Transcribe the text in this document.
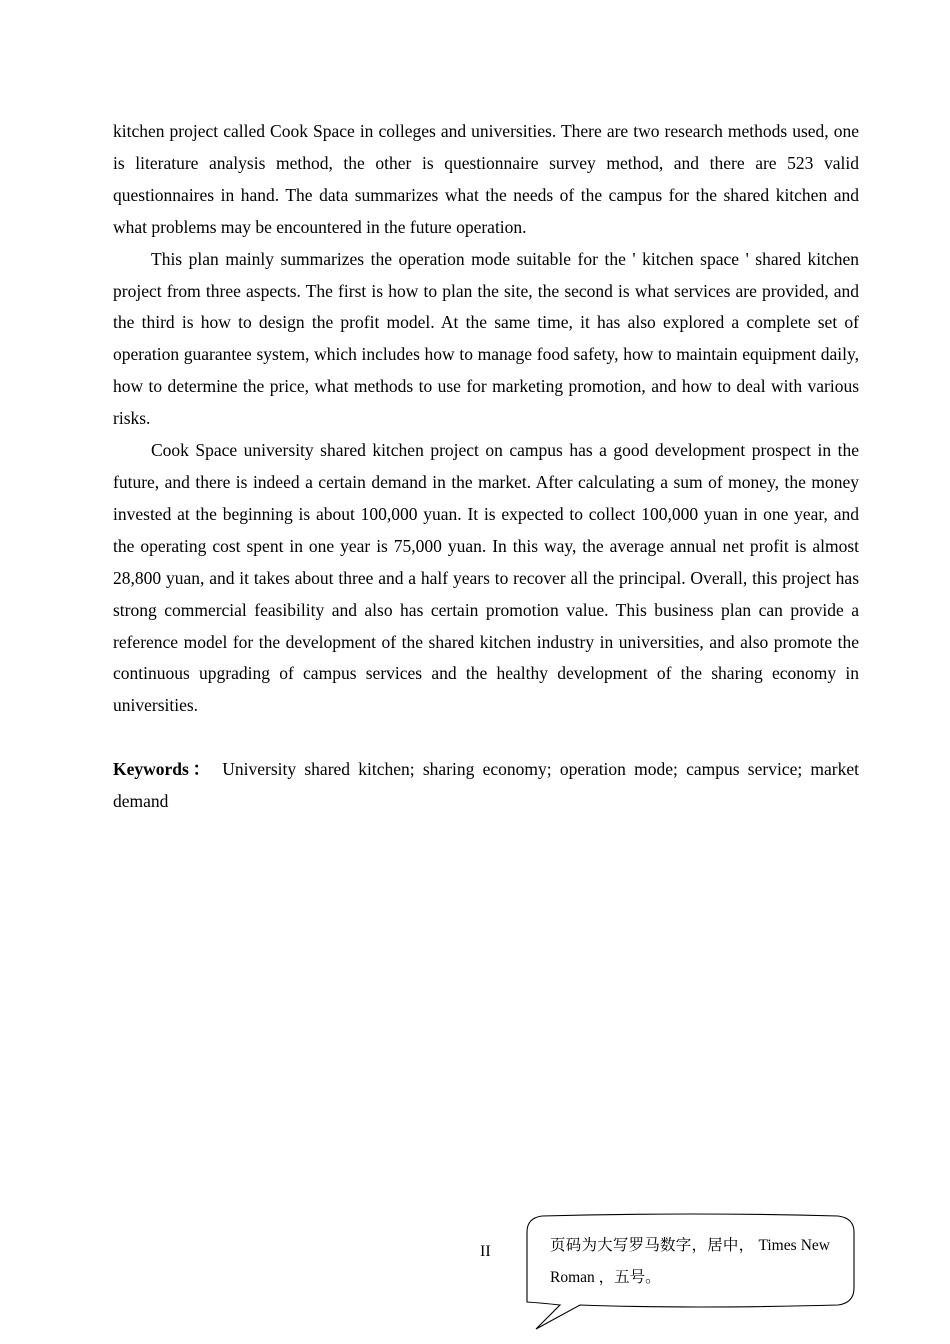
kitchen project called Cook Space in colleges and universities. There are two research methods used, one is literature analysis method, the other is questionnaire survey method, and there are 523 valid questionnaires in hand. The data summarizes what the needs of the campus for the shared kitchen and what problems may be encountered in the future operation.

This plan mainly summarizes the operation mode suitable for the ' kitchen space ' shared kitchen project from three aspects. The first is how to plan the site, the second is what services are provided, and the third is how to design the profit model. At the same time, it has also explored a complete set of operation guarantee system, which includes how to manage food safety, how to maintain equipment daily, how to determine the price, what methods to use for marketing promotion, and how to deal with various risks.

Cook Space university shared kitchen project on campus has a good development prospect in the future, and there is indeed a certain demand in the market. After calculating a sum of money, the money invested at the beginning is about 100,000 yuan. It is expected to collect 100,000 yuan in one year, and the operating cost spent in one year is 75,000 yuan. In this way, the average annual net profit is almost 28,800 yuan, and it takes about three and a half years to recover all the principal. Overall, this project has strong commercial feasibility and also has certain promotion value. This business plan can provide a reference model for the development of the shared kitchen industry in universities, and also promote the continuous upgrading of campus services and the healthy development of the sharing economy in universities.

Keywords： University shared kitchen; sharing economy; operation mode; campus service; market demand

II	页码为大写罗马数字，居中， Times New Roman ，五号。
